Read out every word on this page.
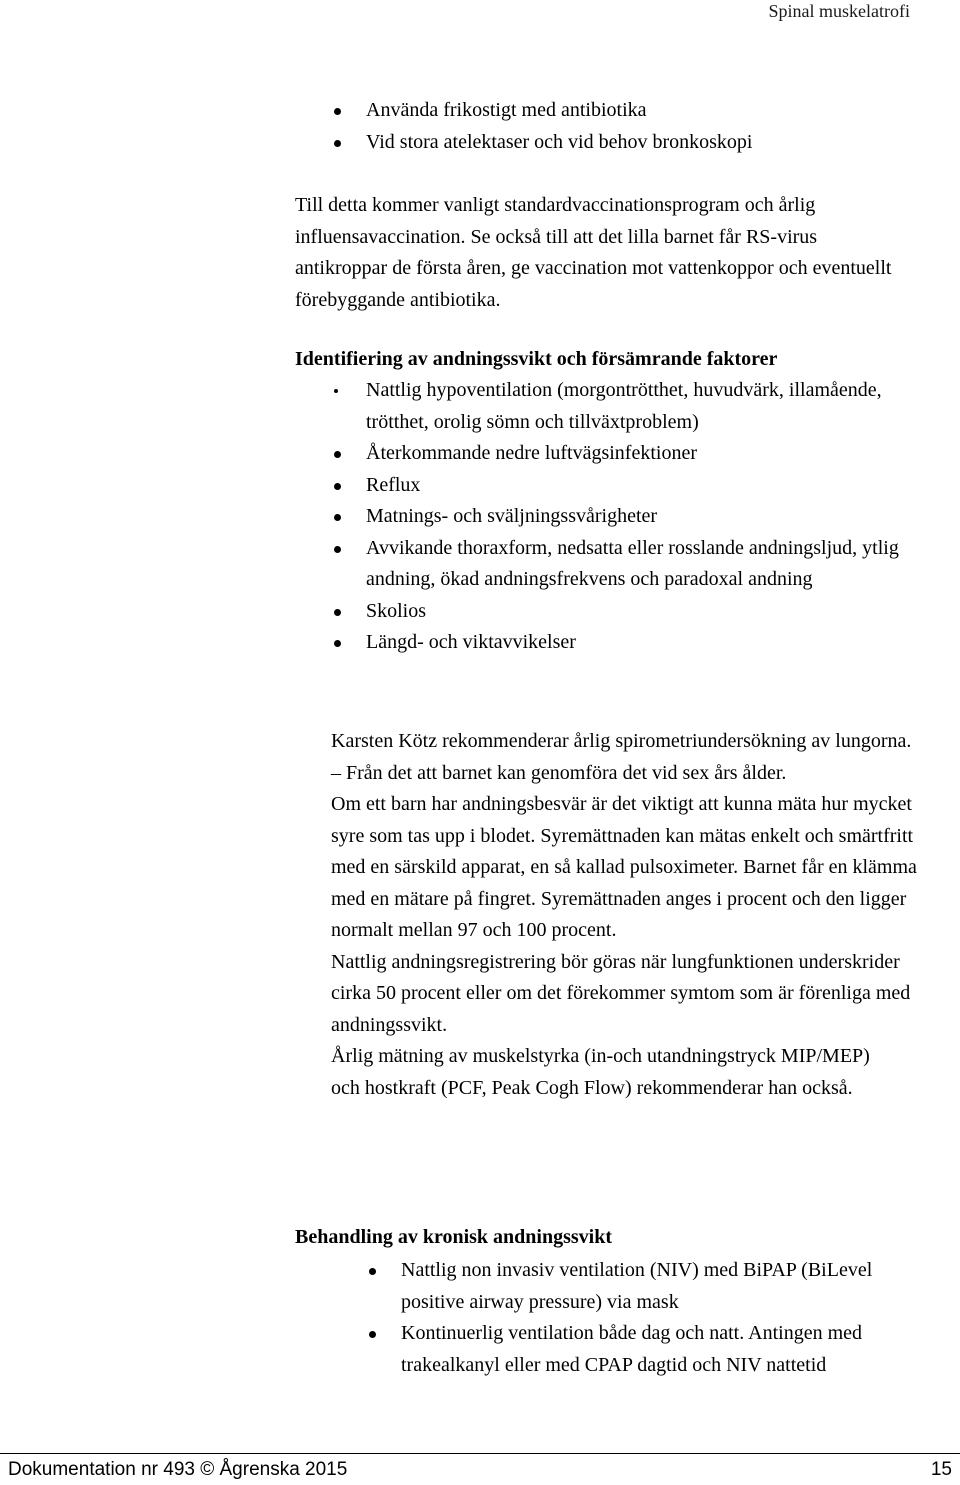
Spinal muskelatrofi
Använda frikostigt med antibiotika
Vid stora atelektaser och vid behov bronkoskopi

Till detta kommer vanligt standardvaccinationsprogram och årlig influensavaccination. Se också till att det lilla barnet får RS-virus antikroppar de första åren, ge vaccination mot vattenkoppor och eventuellt förebyggande antibiotika.

Identifiering av andningssvikt och försämrande faktorer
Nattlig hypoventilation (morgontrötthet, huvudvärk, illamående, trötthet, orolig sömn och tillväxtproblem)
Återkommande nedre luftvägsinfektioner
Reflux
Matnings- och sväljningssvårigheter
Avvikande thoraxform, nedsatta eller rosslande andningsljud, ytlig andning, ökad andningsfrekvens och paradoxal andning
Skolios
Längd- och viktavvikelser

Karsten Kötz rekommenderar årlig spirometriundersökning av lungorna.

– Från det att barnet kan genomföra det vid sex års ålder.

Om ett barn har andningsbesvär är det viktigt att kunna mäta hur mycket syre som tas upp i blodet. Syremättnaden kan mätas enkelt och smärtfritt med en särskild apparat, en så kallad pulsoximeter. Barnet får en klämma med en mätare på fingret. Syremättnaden anges i procent och den ligger normalt mellan 97 och 100 procent.

Nattlig andningsregistrering bör göras när lungfunktionen underskrider cirka 50 procent eller om det förekommer symtom som är förenliga med andningssvikt.

Årlig mätning av muskelstyrka (in-och utandningstryck MIP/MEP) och hostkraft (PCF, Peak Cogh Flow) rekommenderar han också.

Behandling av kronisk andningssvikt
Nattlig non invasiv ventilation (NIV) med BiPAP (BiLevel positive airway pressure) via mask
Kontinuerlig ventilation både dag och natt. Antingen med trakealkanyl eller med CPAP dagtid och NIV nattetid
Dokumentation nr 493 © Ågrenska 2015	15
